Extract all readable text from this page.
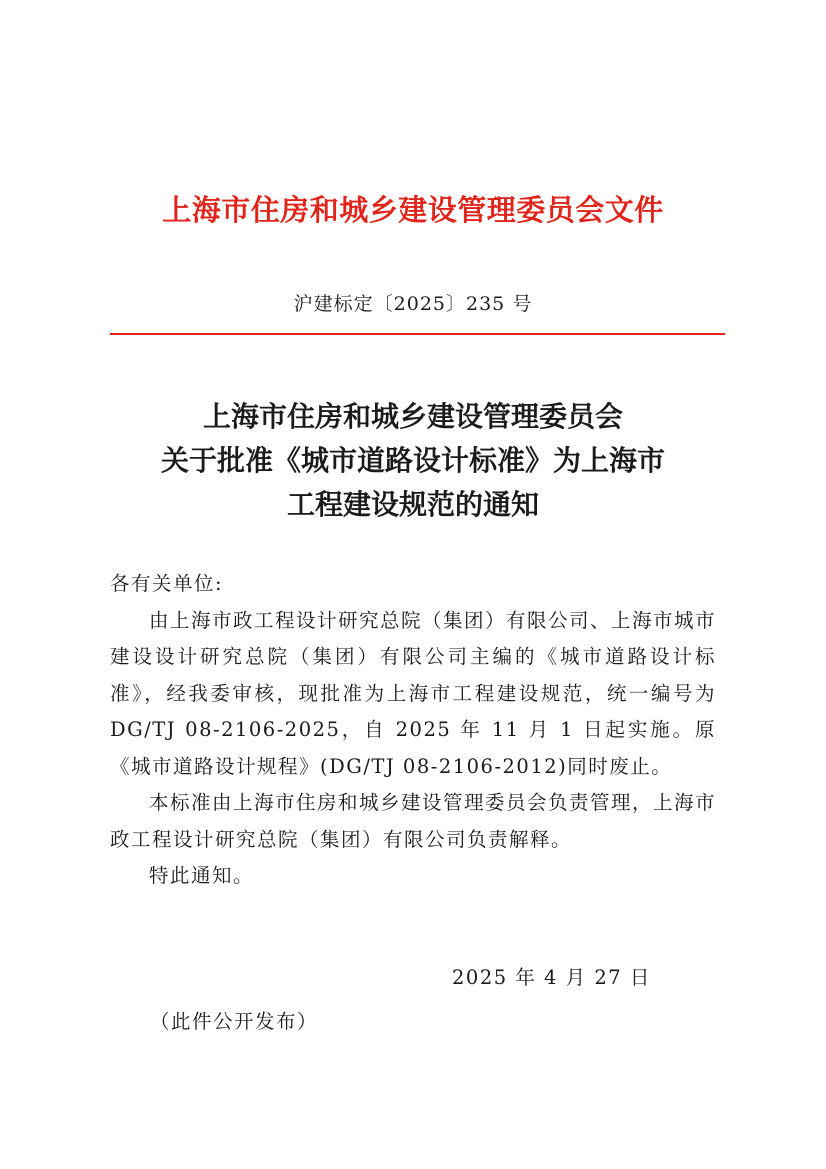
上海市住房和城乡建设管理委员会文件
沪建标定〔2025〕235 号
上海市住房和城乡建设管理委员会
关于批准《城市道路设计标准》为上海市
工程建设规范的通知
各有关单位:
由上海市政工程设计研究总院（集团）有限公司、上海市城市建设设计研究总院（集团）有限公司主编的《城市道路设计标准》，经我委审核，现批准为上海市工程建设规范，统一编号为 DG/TJ 08-2106-2025，自 2025 年 11 月 1 日起实施。原《城市道路设计规程》(DG/TJ 08-2106-2012)同时废止。
本标准由上海市住房和城乡建设管理委员会负责管理，上海市政工程设计研究总院（集团）有限公司负责解释。
特此通知。
2025 年 4 月 27 日
（此件公开发布）
